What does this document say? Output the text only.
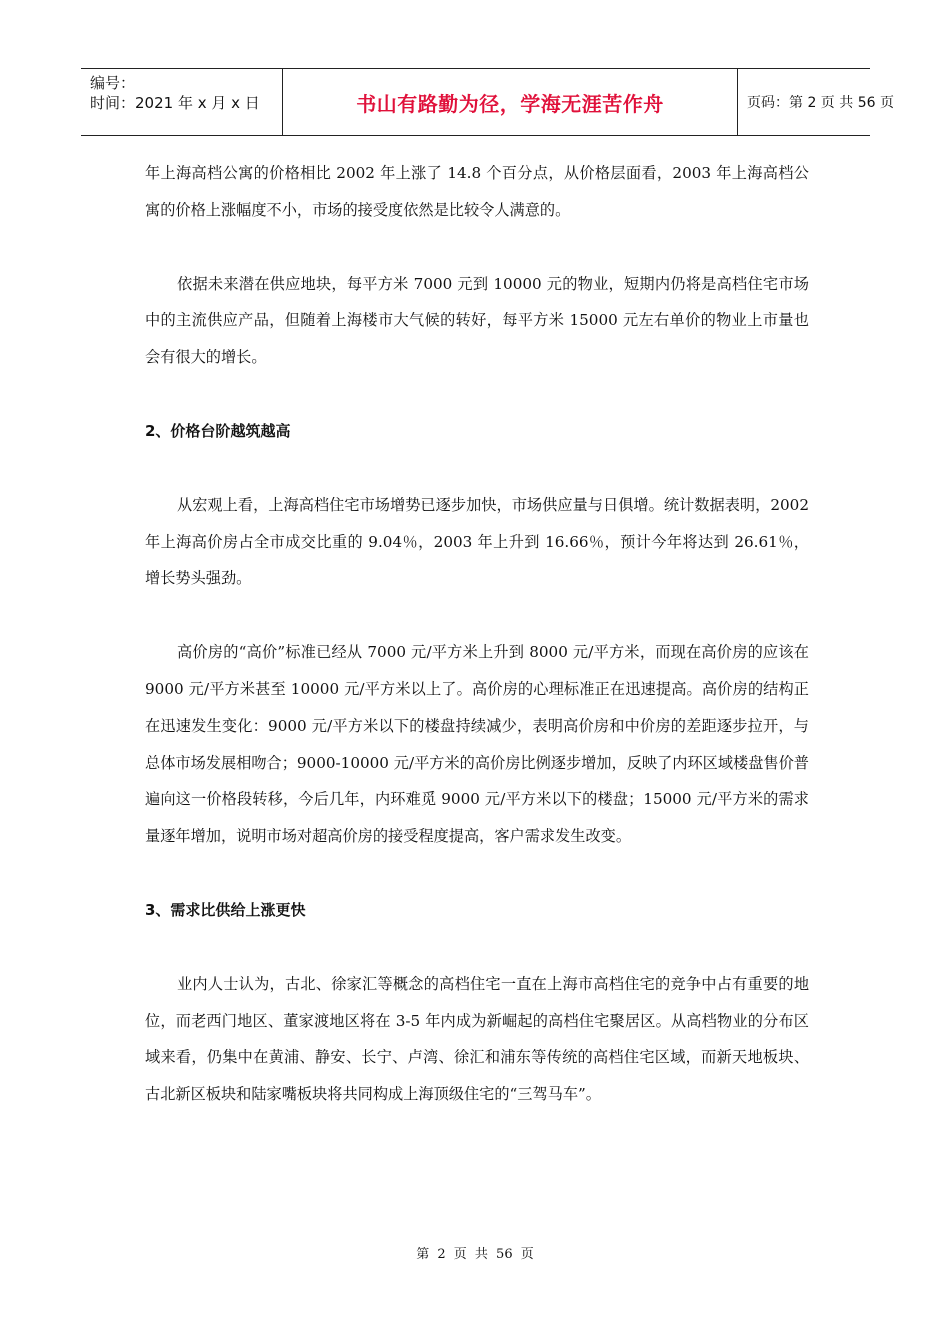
编号：
时间：2021 年 x 月 x 日	书山有路勤为径，学海无涯苦作舟	页码：第 2 页 共 56 页

年上海高档公寓的价格相比 2002 年上涨了 14.8 个百分点，从价格层面看，2003 年上海高档公寓的价格上涨幅度不小，市场的接受度依然是比较令人满意的。

依据未来潜在供应地块，每平方米 7000 元到 10000 元的物业，短期内仍将是高档住宅市场中的主流供应产品，但随着上海楼市大气候的转好，每平方米 15000 元左右单价的物业上市量也会有很大的增长。

2、价格台阶越筑越高

从宏观上看，上海高档住宅市场增势已逐步加快，市场供应量与日俱增。统计数据表明，2002 年上海高价房占全市成交比重的 9.04％，2003 年上升到 16.66％，预计今年将达到 26.61％，增长势头强劲。

高价房的“高价”标准已经从 7000 元/平方米上升到 8000 元/平方米，而现在高价房的应该在 9000 元/平方米甚至 10000 元/平方米以上了。高价房的心理标准正在迅速提高。高价房的结构正在迅速发生变化：9000 元/平方米以下的楼盘持续减少，表明高价房和中价房的差距逐步拉开，与总体市场发展相吻合；9000-10000 元/平方米的高价房比例逐步增加，反映了内环区域楼盘售价普遍向这一价格段转移，今后几年，内环难觅 9000 元/平方米以下的楼盘；15000 元/平方米的需求量逐年增加，说明市场对超高价房的接受程度提高，客户需求发生改变。

3、需求比供给上涨更快

业内人士认为，古北、徐家汇等概念的高档住宅一直在上海市高档住宅的竞争中占有重要的地位，而老西门地区、董家渡地区将在 3-5 年内成为新崛起的高档住宅聚居区。从高档物业的分布区域来看，仍集中在黄浦、静安、长宁、卢湾、徐汇和浦东等传统的高档住宅区域，而新天地板块、古北新区板块和陆家嘴板块将共同构成上海顶级住宅的“三驾马车”。

第 2 页 共 56 页
